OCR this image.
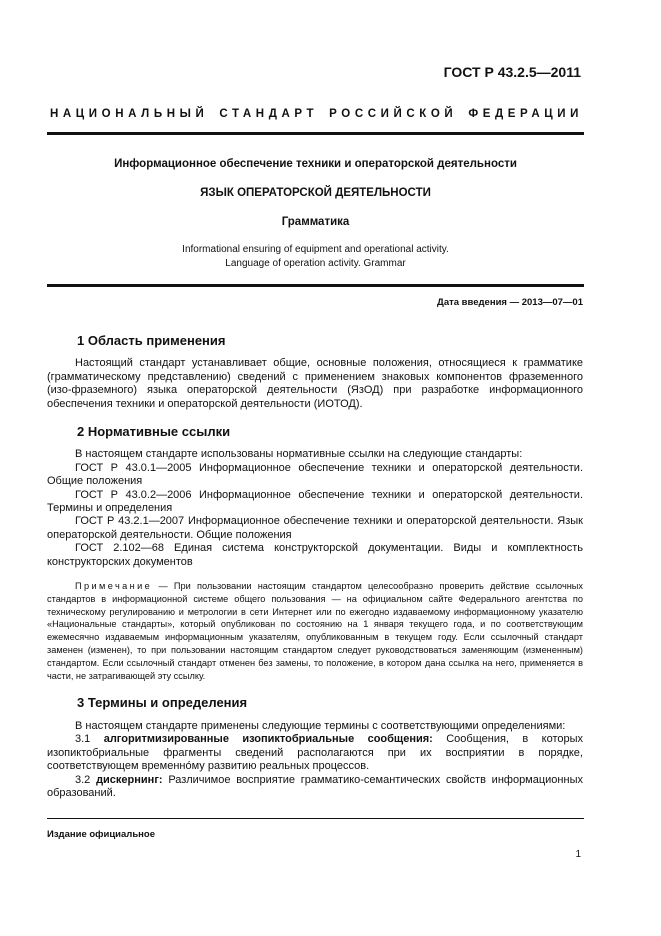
ГОСТ Р 43.2.5—2011
НАЦИОНАЛЬНЫЙ СТАНДАРТ РОССИЙСКОЙ ФЕДЕРАЦИИ
Информационное обеспечение техники и операторской деятельности
ЯЗЫК ОПЕРАТОРСКОЙ ДЕЯТЕЛЬНОСТИ
Грамматика
Informational ensuring of equipment and operational activity.
Language of operation activity. Grammar
Дата введения — 2013—07—01
1 Область применения

Настоящий стандарт устанавливает общие, основные положения, относящиеся к грамматике (грамматическому представлению) сведений с применением знаковых компонентов фраземенного (изо-фраземного) языка операторской деятельности (ЯзОД) при разработке информационного обеспечения техники и операторской деятельности (ИОТОД).

2 Нормативные ссылки

В настоящем стандарте использованы нормативные ссылки на следующие стандарты:

ГОСТ Р 43.0.1—2005 Информационное обеспечение техники и операторской деятельности. Общие положения

ГОСТ Р 43.0.2—2006 Информационное обеспечение техники и операторской деятельности. Термины и определения

ГОСТ Р 43.2.1—2007 Информационное обеспечение техники и операторской деятельности. Язык операторской деятельности. Общие положения

ГОСТ 2.102—68 Единая система конструкторской документации. Виды и комплектность конструкторских документов

Примечание — При пользовании настоящим стандартом целесообразно проверить действие ссылочных стандартов в информационной системе общего пользования — на официальном сайте Федерального агентства по техническому регулированию и метрологии в сети Интернет или по ежегодно издаваемому информационному указателю «Национальные стандарты», который опубликован по состоянию на 1 января текущего года, и по соответствующим ежемесячно издаваемым информационным указателям, опубликованным в текущем году. Если ссылочный стандарт заменен (изменен), то при пользовании настоящим стандартом следует руководствоваться заменяющим (измененным) стандартом. Если ссылочный стандарт отменен без замены, то положение, в котором дана ссылка на него, применяется в части, не затрагивающей эту ссылку.

3 Термины и определения

В настоящем стандарте применены следующие термины с соответствующими определениями:

3.1 алгоритмизированные изопиктобриальные сообщения: Сообщения, в которых изопиктобриальные фрагменты сведений располагаются при их восприятии в порядке, соответствующем временно́му развитию реальных процессов.

3.2 дискернинг: Различимое восприятие грамматико-семантических свойств информационных образований.

Издание официальное
1
